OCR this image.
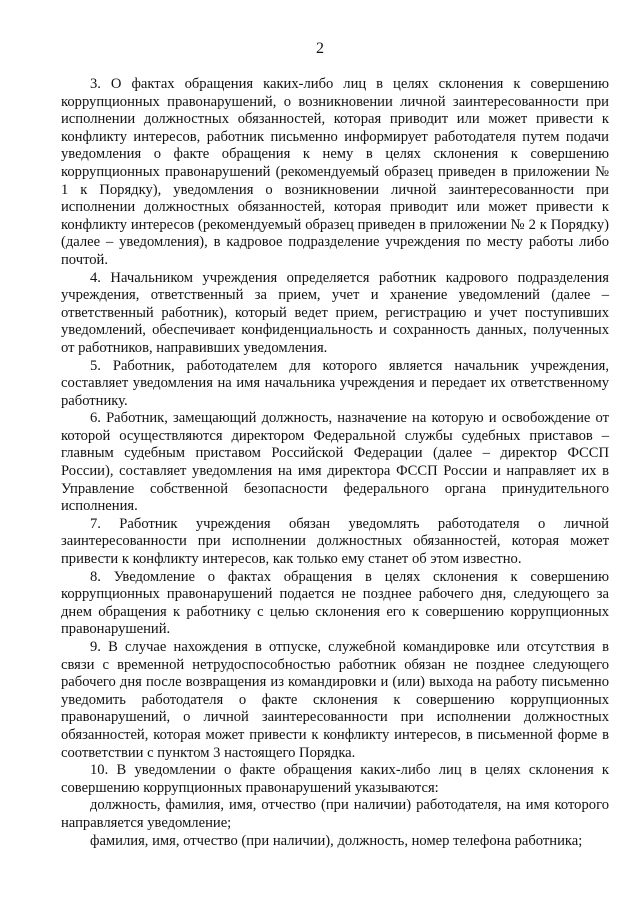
2

3. О фактах обращения каких-либо лиц в целях склонения к совершению коррупционных правонарушений, о возникновении личной заинтересованности при исполнении должностных обязанностей, которая приводит или может привести к конфликту интересов, работник письменно информирует работодателя путем подачи уведомления о факте обращения к нему в целях склонения к совершению коррупционных правонарушений (рекомендуемый образец приведен в приложении № 1 к Порядку), уведомления о возникновении личной заинтересованности при исполнении должностных обязанностей, которая приводит или может привести к конфликту интересов (рекомендуемый образец приведен в приложении № 2 к Порядку) (далее – уведомления), в кадровое подразделение учреждения по месту работы либо почтой.

4. Начальником учреждения определяется работник кадрового подразделения учреждения, ответственный за прием, учет и хранение уведомлений (далее – ответственный работник), который ведет прием, регистрацию и учет поступивших уведомлений, обеспечивает конфиденциальность и сохранность данных, полученных от работников, направивших уведомления.

5. Работник, работодателем для которого является начальник учреждения, составляет уведомления на имя начальника учреждения и передает их ответственному работнику.

6. Работник, замещающий должность, назначение на которую и освобождение от которой осуществляются директором Федеральной службы судебных приставов – главным судебным приставом Российской Федерации (далее – директор ФССП России), составляет уведомления на имя директора ФССП России и направляет их в Управление собственной безопасности федерального органа принудительного исполнения.

7. Работник учреждения обязан уведомлять работодателя о личной заинтересованности при исполнении должностных обязанностей, которая может привести к конфликту интересов, как только ему станет об этом известно.

8. Уведомление о фактах обращения в целях склонения к совершению коррупционных правонарушений подается не позднее рабочего дня, следующего за днем обращения к работнику с целью склонения его к совершению коррупционных правонарушений.

9. В случае нахождения в отпуске, служебной командировке или отсутствия в связи с временной нетрудоспособностью работник обязан не позднее следующего рабочего дня после возвращения из командировки и (или) выхода на работу письменно уведомить работодателя о факте склонения к совершению коррупционных правонарушений, о личной заинтересованности при исполнении должностных обязанностей, которая может привести к конфликту интересов, в письменной форме в соответствии с пунктом 3 настоящего Порядка.

10. В уведомлении о факте обращения каких-либо лиц в целях склонения к совершению коррупционных правонарушений указываются:

должность, фамилия, имя, отчество (при наличии) работодателя, на имя которого направляется уведомление;

фамилия, имя, отчество (при наличии), должность, номер телефона работника;
